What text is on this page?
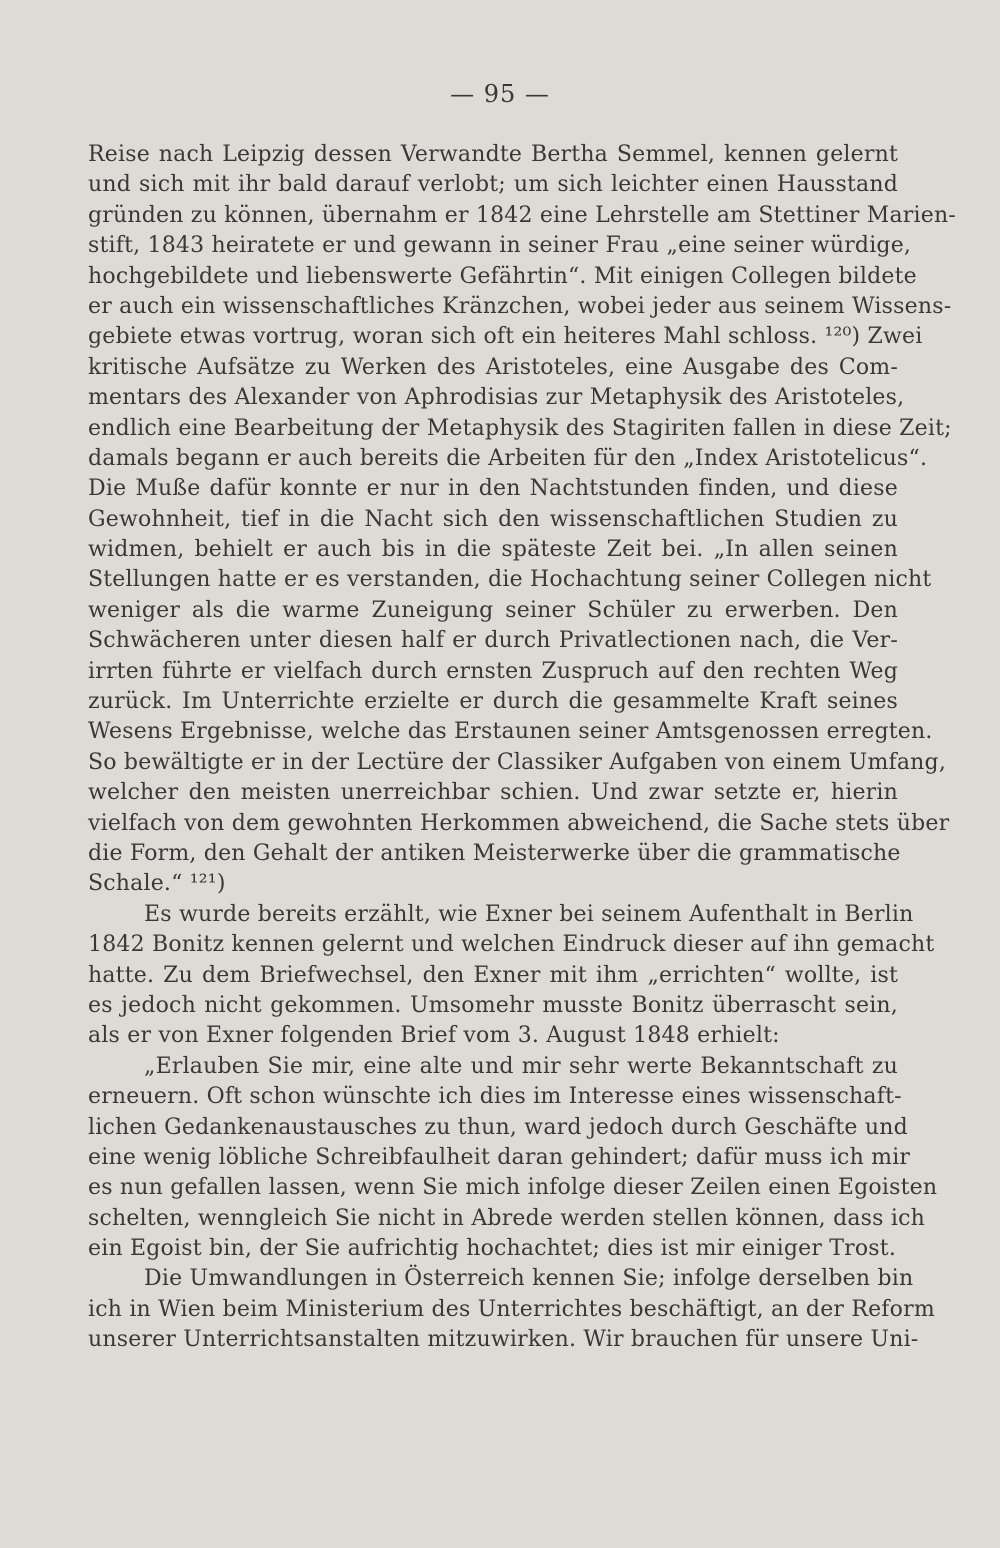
— 95 —
Reise nach Leipzig dessen Verwandte Bertha Semmel, kennen gelernt
und sich mit ihr bald darauf verlobt; um sich leichter einen Hausstand
gründen zu können, übernahm er 1842 eine Lehrstelle am Stettiner Marien-
stift, 1843 heiratete er und gewann in seiner Frau „eine seiner würdige,
hochgebildete und liebenswerte Gefährtin“. Mit einigen Collegen bildete
er auch ein wissenschaftliches Kränzchen, wobei jeder aus seinem Wissens-
gebiete etwas vortrug, woran sich oft ein heiteres Mahl schloss. ¹²⁰) Zwei
kritische Aufsätze zu Werken des Aristoteles, eine Ausgabe des Com-
mentars des Alexander von Aphrodisias zur Metaphysik des Aristoteles,
endlich eine Bearbeitung der Metaphysik des Stagiriten fallen in diese Zeit;
damals begann er auch bereits die Arbeiten für den „Index Aristotelicus“.
Die Muße dafür konnte er nur in den Nachtstunden finden, und diese
Gewohnheit, tief in die Nacht sich den wissenschaftlichen Studien zu
widmen, behielt er auch bis in die späteste Zeit bei. „In allen seinen
Stellungen hatte er es verstanden, die Hochachtung seiner Collegen nicht
weniger als die warme Zuneigung seiner Schüler zu erwerben. Den
Schwächeren unter diesen half er durch Privatlectionen nach, die Ver-
irrten führte er vielfach durch ernsten Zuspruch auf den rechten Weg
zurück. Im Unterrichte erzielte er durch die gesammelte Kraft seines
Wesens Ergebnisse, welche das Erstaunen seiner Amtsgenossen erregten.
So bewältigte er in der Lectüre der Classiker Aufgaben von einem Umfang,
welcher den meisten unerreichbar schien. Und zwar setzte er, hierin
vielfach von dem gewohnten Herkommen abweichend, die Sache stets über
die Form, den Gehalt der antiken Meisterwerke über die grammatische
Schale.“ ¹²¹)
Es wurde bereits erzählt, wie Exner bei seinem Aufenthalt in Berlin
1842 Bonitz kennen gelernt und welchen Eindruck dieser auf ihn gemacht
hatte. Zu dem Briefwechsel, den Exner mit ihm „errichten“ wollte, ist
es jedoch nicht gekommen. Umsomehr musste Bonitz überrascht sein,
als er von Exner folgenden Brief vom 3. August 1848 erhielt:
„Erlauben Sie mir, eine alte und mir sehr werte Bekanntschaft zu
erneuern. Oft schon wünschte ich dies im Interesse eines wissenschaft-
lichen Gedankenaustausches zu thun, ward jedoch durch Geschäfte und
eine wenig löbliche Schreibfaulheit daran gehindert; dafür muss ich mir
es nun gefallen lassen, wenn Sie mich infolge dieser Zeilen einen Egoisten
schelten, wenngleich Sie nicht in Abrede werden stellen können, dass ich
ein Egoist bin, der Sie aufrichtig hochachtet; dies ist mir einiger Trost.
Die Umwandlungen in Österreich kennen Sie; infolge derselben bin
ich in Wien beim Ministerium des Unterrichtes beschäftigt, an der Reform
unserer Unterrichtsanstalten mitzuwirken. Wir brauchen für unsere Uni-
